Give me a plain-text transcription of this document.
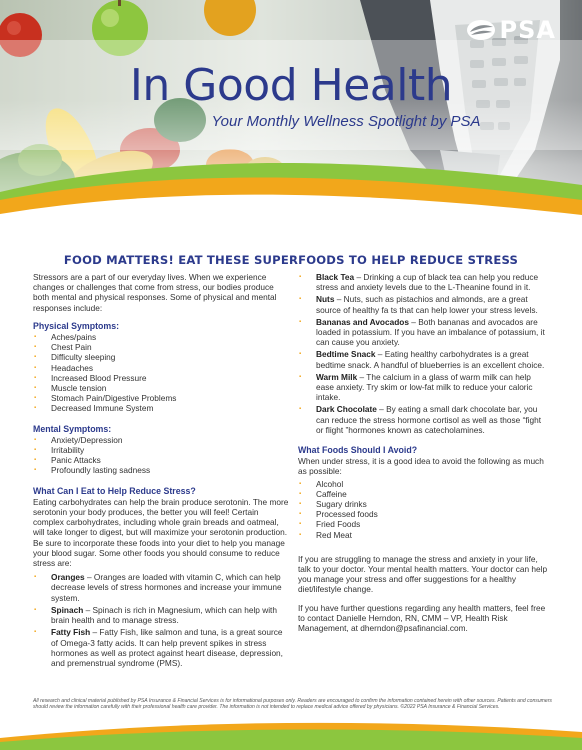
PSA
In Good Health
Your Monthly Wellness Spotlight by PSA
FOOD MATTERS! EAT THESE SUPERFOODS TO HELP REDUCE STRESS

Stressors are a part of our everyday lives. When we experience changes or challenges that come from stress, our bodies produce both mental and physical responses. Some of physical and mental responses include:

Physical Symptoms:
▪ Aches/pains
▪ Chest Pain
▪ Difficulty sleeping
▪ Headaches
▪ Increased Blood Pressure
▪ Muscle tension
▪ Stomach Pain/Digestive Problems
▪ Decreased Immune System
Mental Symptoms:
▪ Anxiety/Depression
▪ Irritability
▪ Panic Attacks
▪ Profoundly lasting sadness
What Can I Eat to Help Reduce Stress?

Eating carbohydrates can help the brain produce serotonin. The more serotonin your body produces, the better you will feel! Certain complex carbohydrates, including whole grain breads and oatmeal, will take longer to digest, but will maximize your serotonin production. Be sure to incorporate these foods into your diet to help you manage your blood sugar. Some other foods you should consume to reduce stress are:

▪ Oranges – Oranges are loaded with vitamin C, which can help decrease levels of stress hormones and increase your immune system.
▪ Spinach – Spinach is rich in Magnesium, which can help with brain health and to manage stress.
▪ Fatty Fish – Fatty Fish, like salmon and tuna, is a great source of Omega-3 fatty acids. It can help prevent spikes in stress hormones as well as protect against heart disease, depression, and premenstrual syndrome (PMS).
▪ Black Tea – Drinking a cup of black tea can help you reduce stress and anxiety levels due to the L-Theanine found in it.
▪ Nuts – Nuts, such as pistachios and almonds, are a great source of healthy fa ts that can help lower your stress levels.
▪ Bananas and Avocados – Both bananas and avocados are loaded in potassium. If you have an imbalance of potassium, it can cause you anxiety.
▪ Bedtime Snack – Eating healthy carbohydrates is a great bedtime snack. A handful of blueberries is an excellent choice.
▪ Warm Milk – The calcium in a glass of warm milk can help ease anxiety. Try skim or low-fat milk to reduce your caloric intake.
▪ Dark Chocolate – By eating a small dark chocolate bar, you can reduce the stress hormone cortisol as well as those “fight or flight ”hormones known as catecholamines.
What Foods Should I Avoid?

When under stress, it is a good idea to avoid the following as much as possible:

▪ Alcohol
▪ Caffeine
▪ Sugary drinks
▪ Processed foods
▪ Fried Foods
▪ Red Meat

If you are struggling to manage the stress and anxiety in your life, talk to your doctor. Your mental health matters. Your doctor can help you manage your stress and offer suggestions for a healthy diet/lifestyle change.

If you have further questions regarding any health matters, feel free to contact Danielle Herndon, RN, CMM – VP, Health Risk Management, at dherndon@psafinancial.com.

All research and clinical material published by PSA Insurance & Financial Services is for informational purposes only. Readers are encouraged to confirm the information contained herein with other sources. Patients and consumers should review the information carefully with their professional health care provider. The information is not intended to replace medical advice offered by physicians. ©2022 PSA Insurance & Financial Services.
